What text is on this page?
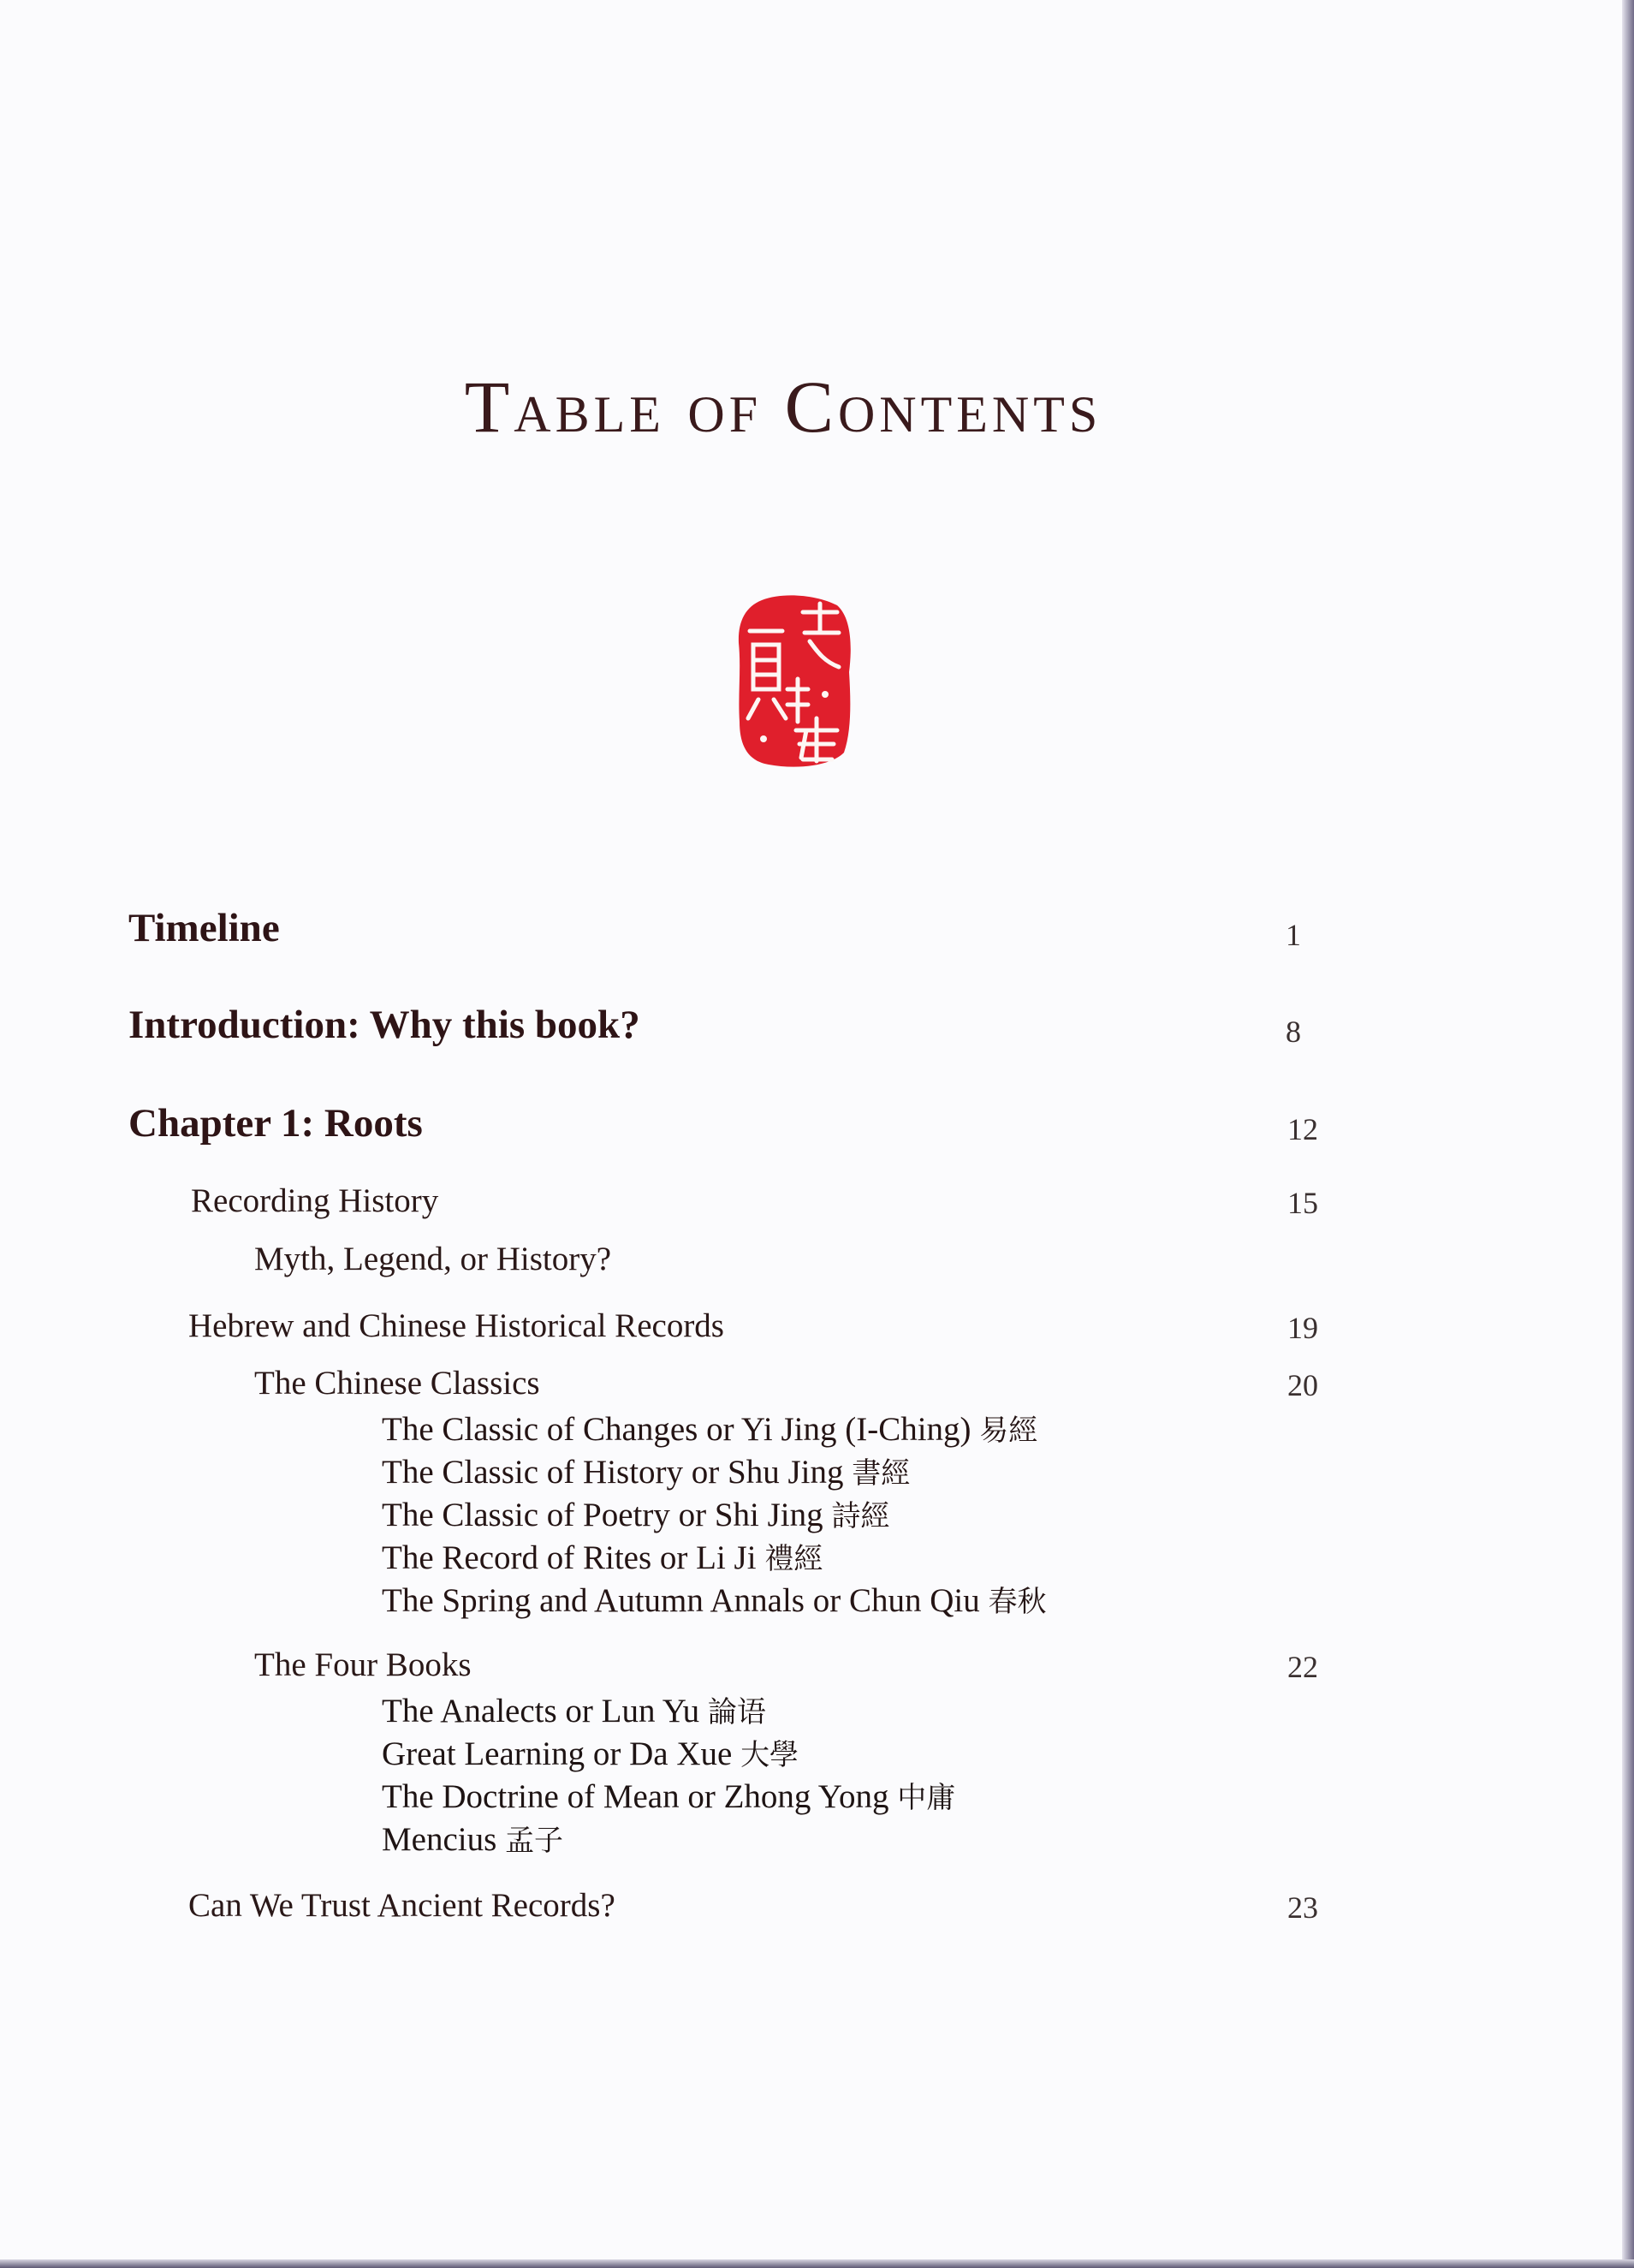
Table of Contents
Timeline	1
Introduction: Why this book?	8
Chapter 1: Roots	12
Recording History	15
Myth, Legend, or History?
Hebrew and Chinese Historical Records	19
The Chinese Classics	20
The Classic of Changes or Yi Jing (I-Ching) 易經
The Classic of History or Shu Jing 書經
The Classic of Poetry or Shi Jing 詩經
The Record of Rites or Li Ji 禮經
The Spring and Autumn Annals or Chun Qiu 春秋
The Four Books	22
The Analects or Lun Yu 論语
Great Learning or Da Xue 大學
The Doctrine of Mean or Zhong Yong 中庸
Mencius 孟子
Can We Trust Ancient Records?	23
